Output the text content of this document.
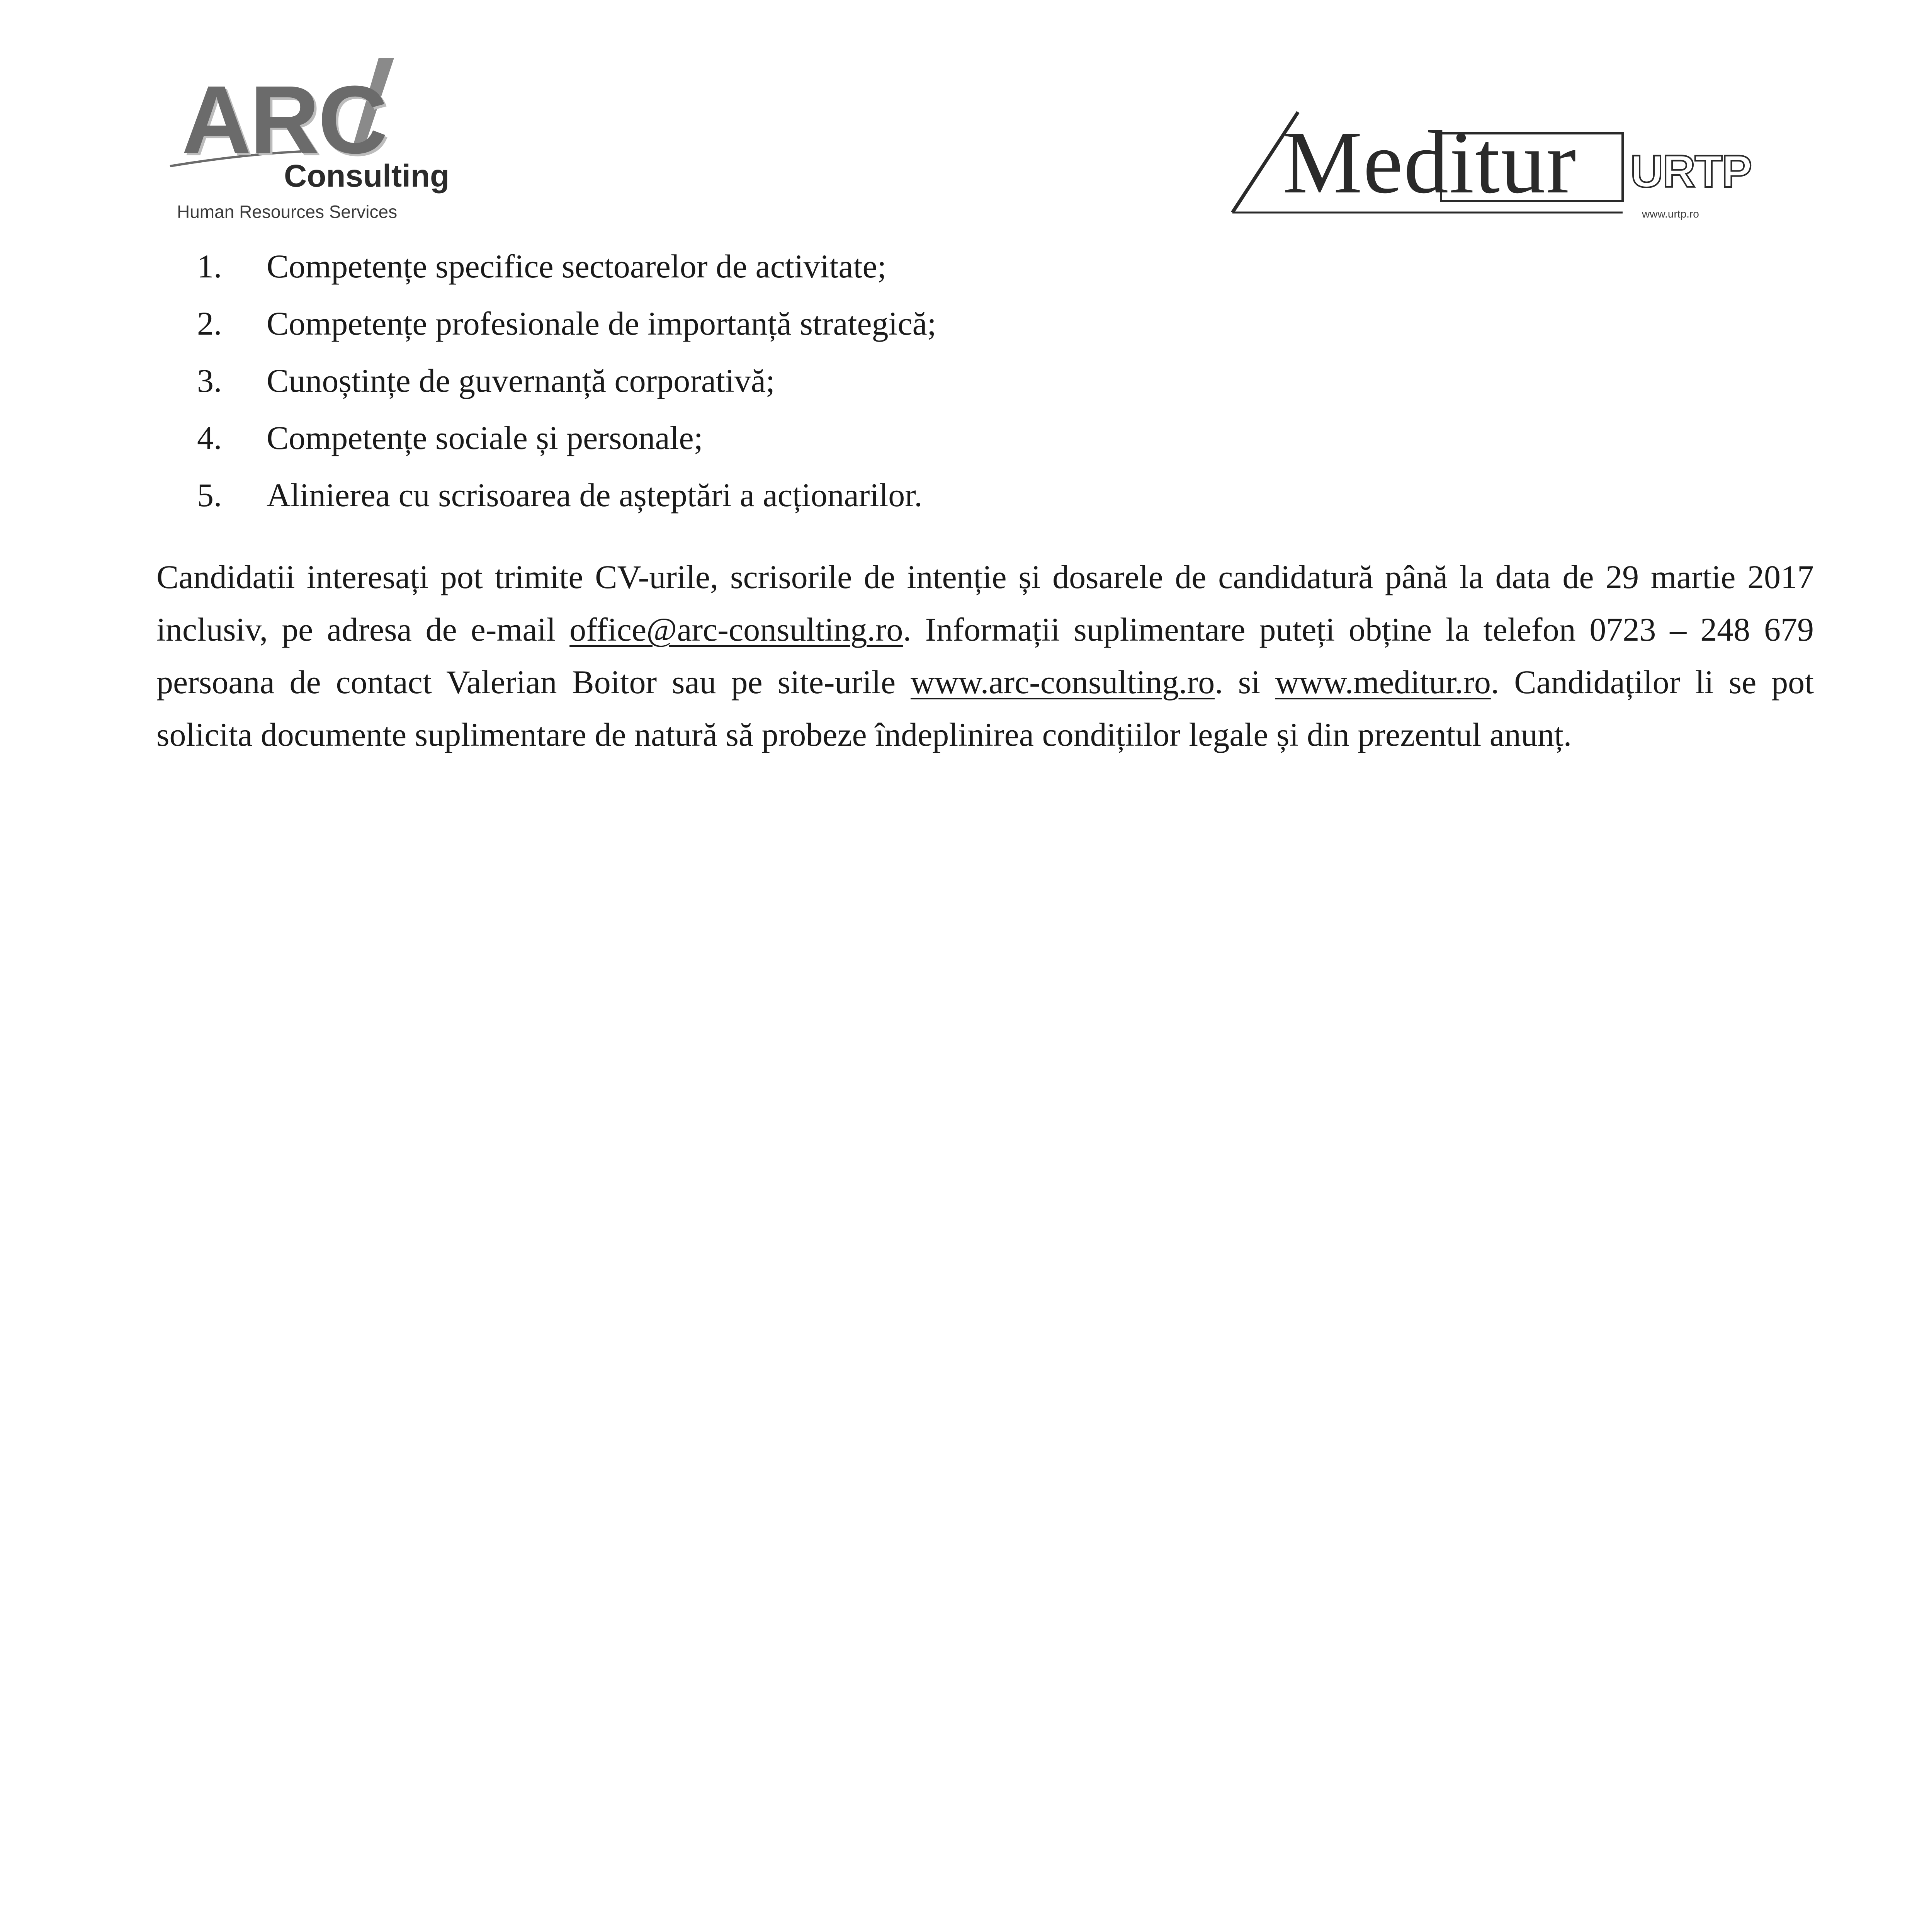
ARC
Consulting
Human Resources Services	Meditur URTP
www.urtp.ro
1. Competențe specifice sectoarelor de activitate;
2. Competențe profesionale de importanță strategică;
3. Cunoștințe de guvernanță corporativă;
4. Competențe sociale și personale;
5. Alinierea cu scrisoarea de așteptări a acționarilor.

Candidatii interesați pot trimite CV-urile, scrisorile de intenție și dosarele de candidatură până la data de 29 martie 2017 inclusiv, pe adresa de e-mail office@arc-consulting.ro. Informații suplimentare puteți obține la telefon 0723 – 248 679 persoana de contact Valerian Boitor sau pe site-urile www.arc-consulting.ro. si www.meditur.ro. Candidaților li se pot solicita documente suplimentare de natură să probeze îndeplinirea condițiilor legale și din prezentul anunț.
